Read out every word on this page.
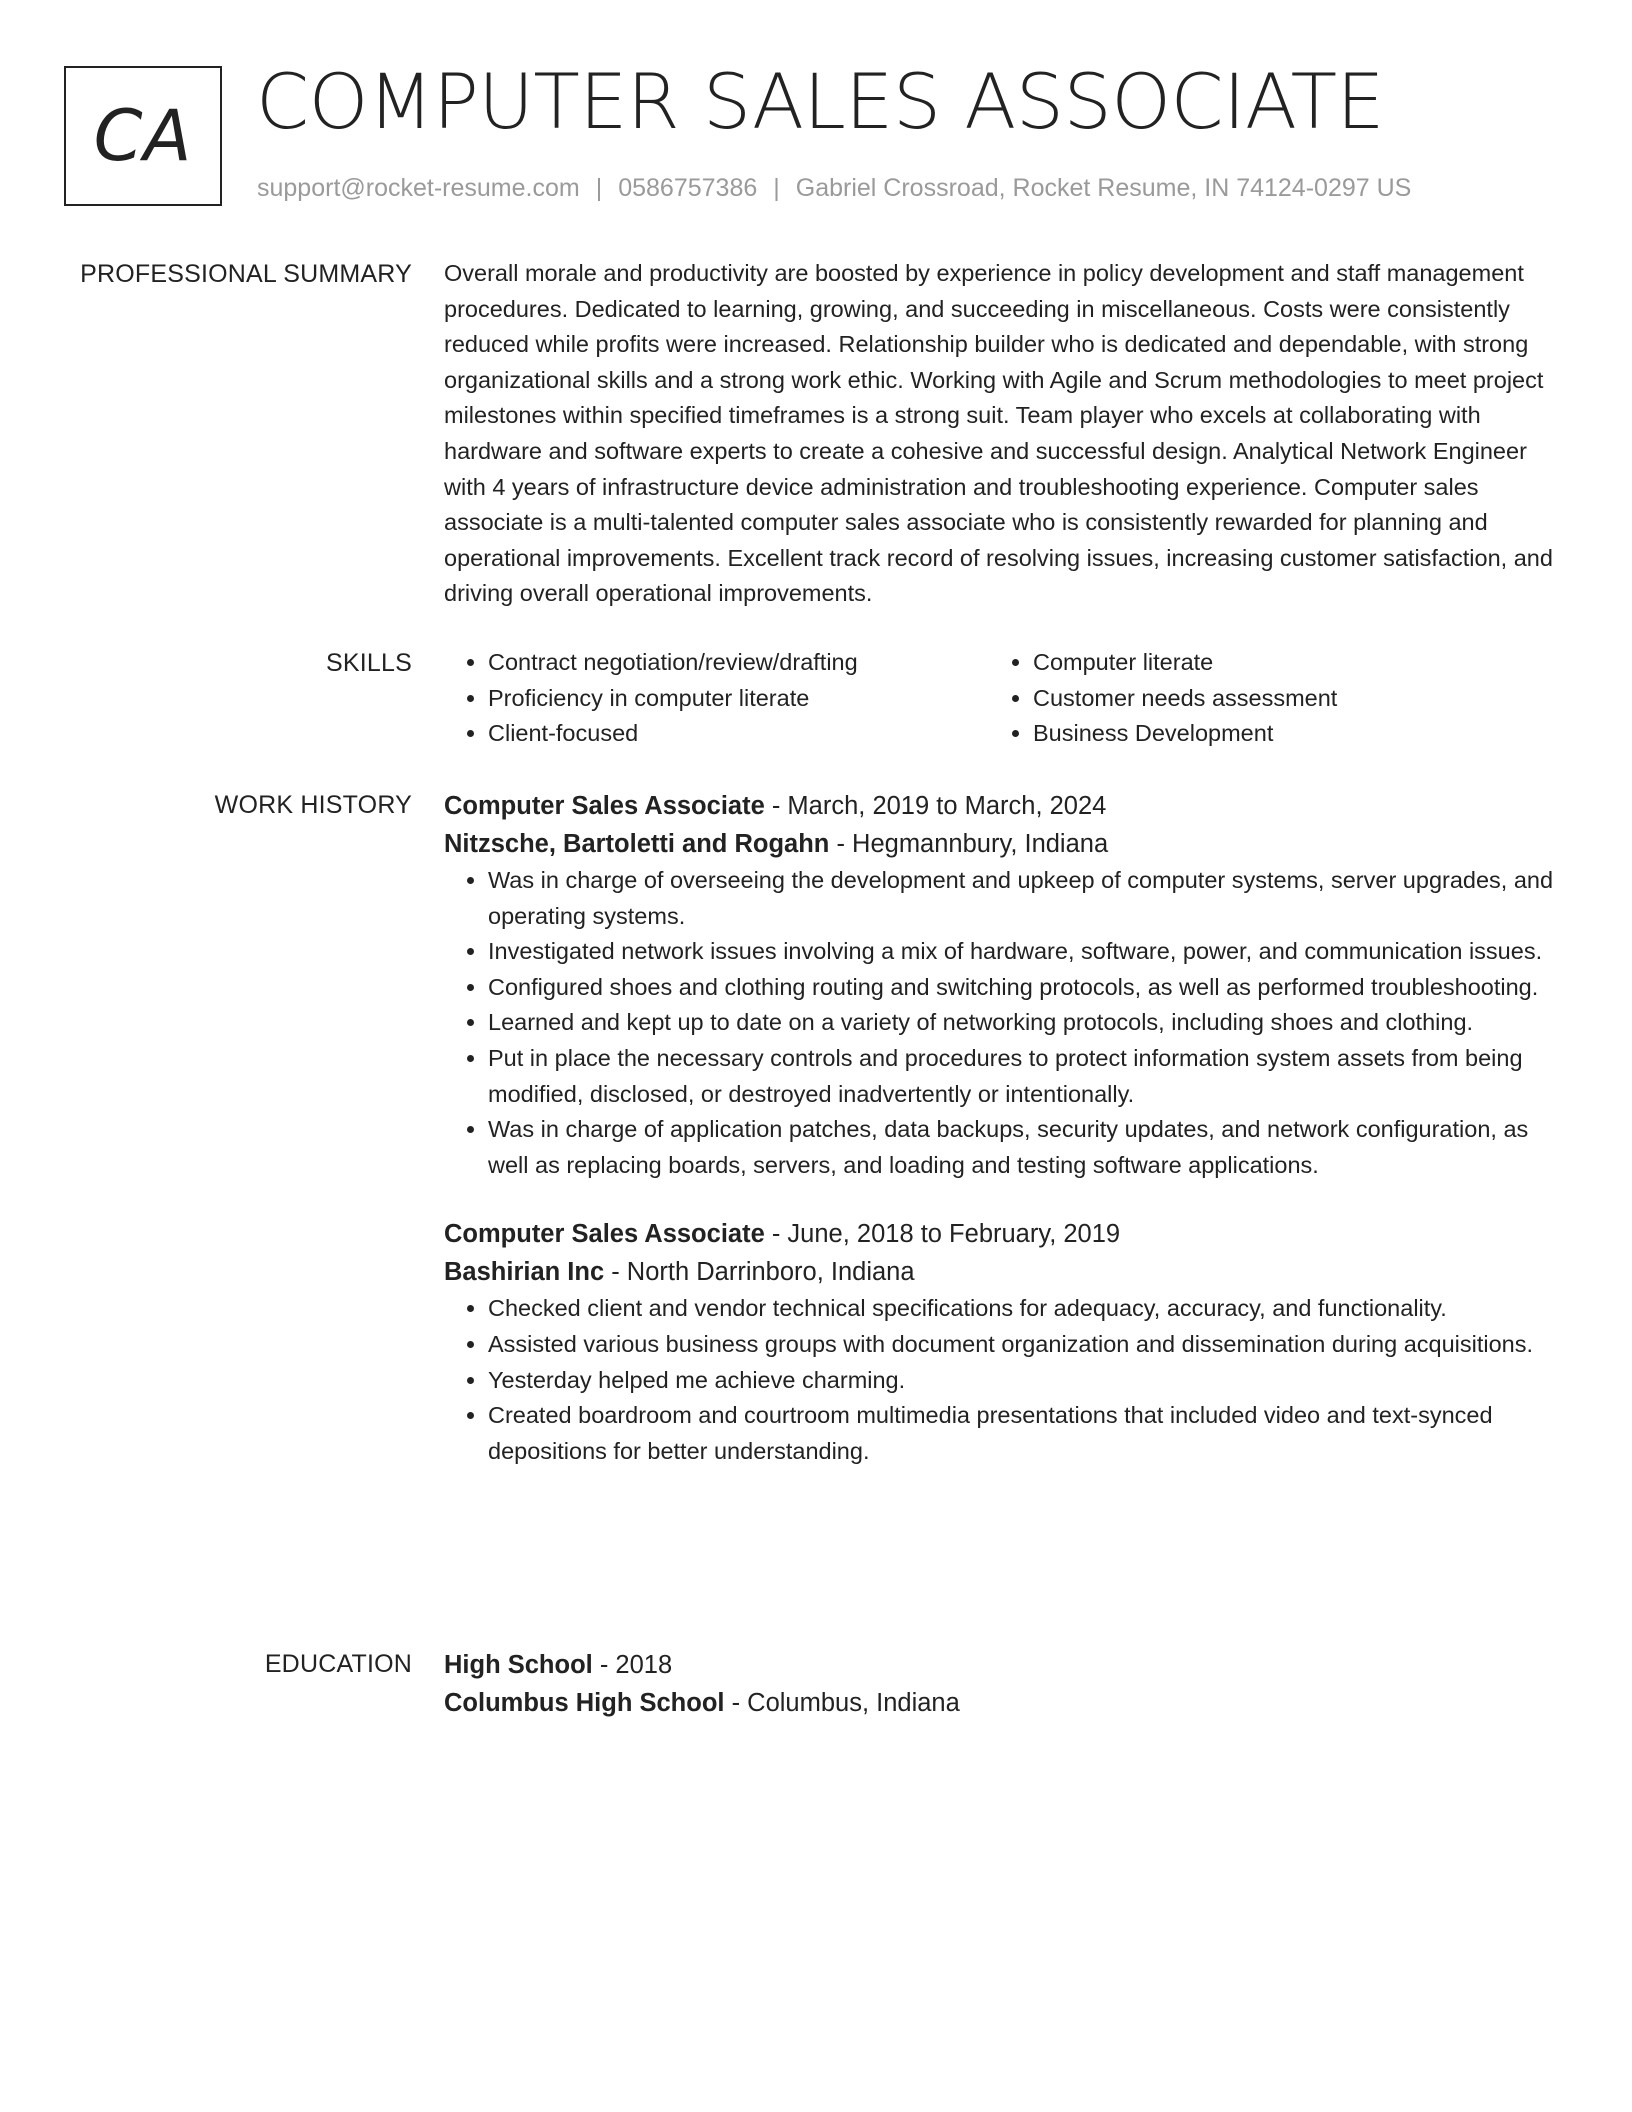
CA COMPUTER SALES ASSOCIATE
support@rocket-resume.com | 0586757386 | Gabriel Crossroad, Rocket Resume, IN 74124-0297 US
PROFESSIONAL SUMMARY Overall morale and productivity are boosted by experience in policy development and staff management procedures. Dedicated to learning, growing, and succeeding in miscellaneous. Costs were consistently reduced while profits were increased. Relationship builder who is dedicated and dependable, with strong organizational skills and a strong work ethic. Working with Agile and Scrum methodologies to meet project milestones within specified timeframes is a strong suit. Team player who excels at collaborating with hardware and software experts to create a cohesive and successful design. Analytical Network Engineer with 4 years of infrastructure device administration and troubleshooting experience. Computer sales associate is a multi-talented computer sales associate who is consistently rewarded for planning and operational improvements. Excellent track record of resolving issues, increasing customer satisfaction, and driving overall operational improvements.

SKILLS
•	Contract negotiation/review/drafting
• Proficiency in computer literate
• Client-focused
• Computer literate
• Customer needs assessment
• Business Development
WORK HISTORY Computer Sales Associate - March, 2019 to March, 2024
Nitzsche, Bartoletti and Rogahn - Hegmannbury, Indiana
• Was in charge of overseeing the development and upkeep of computer systems, server upgrades, and operating systems.
• Investigated network issues involving a mix of hardware, software, power, and communication issues.
• Configured shoes and clothing routing and switching protocols, as well as performed troubleshooting.
• Learned and kept up to date on a variety of networking protocols, including shoes and clothing.
• Put in place the necessary controls and procedures to protect information system assets from being modified, disclosed, or destroyed inadvertently or intentionally.
• Was in charge of application patches, data backups, security updates, and network configuration, as well as replacing boards, servers, and loading and testing software applications.
Computer Sales Associate - June, 2018 to February, 2019
Bashirian Inc - North Darrinboro, Indiana
• Checked client and vendor technical specifications for adequacy, accuracy, and functionality.
• Assisted various business groups with document organization and dissemination during acquisitions.
• Yesterday helped me achieve charming.
• Created boardroom and courtroom multimedia presentations that included video and text-synced depositions for better understanding.
EDUCATION High School - 2018
Columbus High School - Columbus, Indiana
